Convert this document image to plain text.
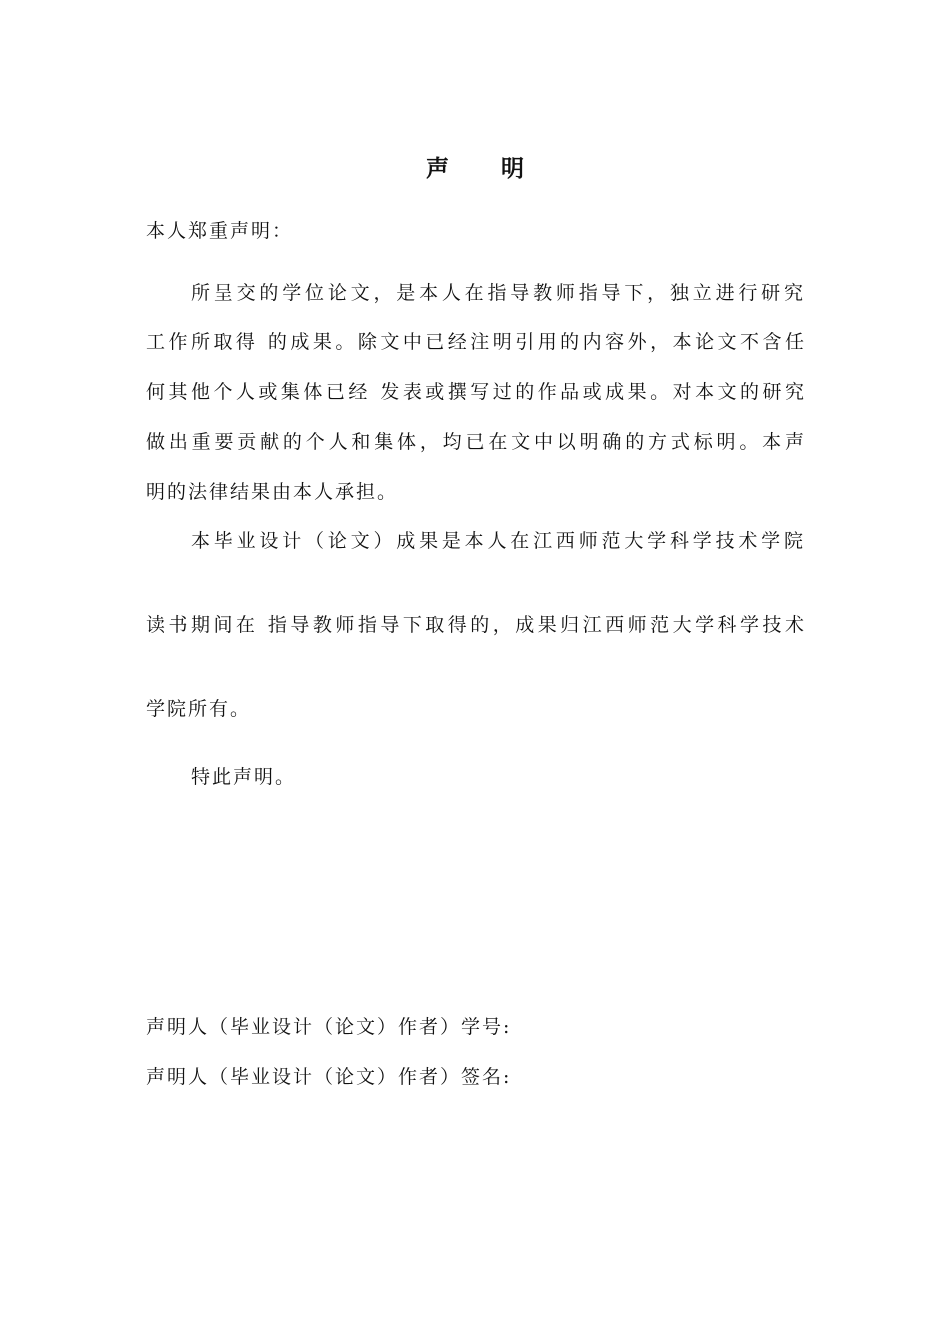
声明
本人郑重声明：
所呈交的学位论文，是本人在指导教师指导下，独立进行研究
工作所取得 的成果。除文中已经注明引用的内容外，本论文不含任
何其他个人或集体已经 发表或撰写过的作品或成果。对本文的研究
做出重要贡献的个人和集体，均已在文中以明确的方式标明。本声
明的法律结果由本人承担。
本毕业设计（论文）成果是本人在江西师范大学科学技术学院
读书期间在 指导教师指导下取得的，成果归江西师范大学科学技术
学院所有。
特此声明。
声明人（毕业设计（论文）作者）学号:
声明人（毕业设计（论文）作者）签名:
